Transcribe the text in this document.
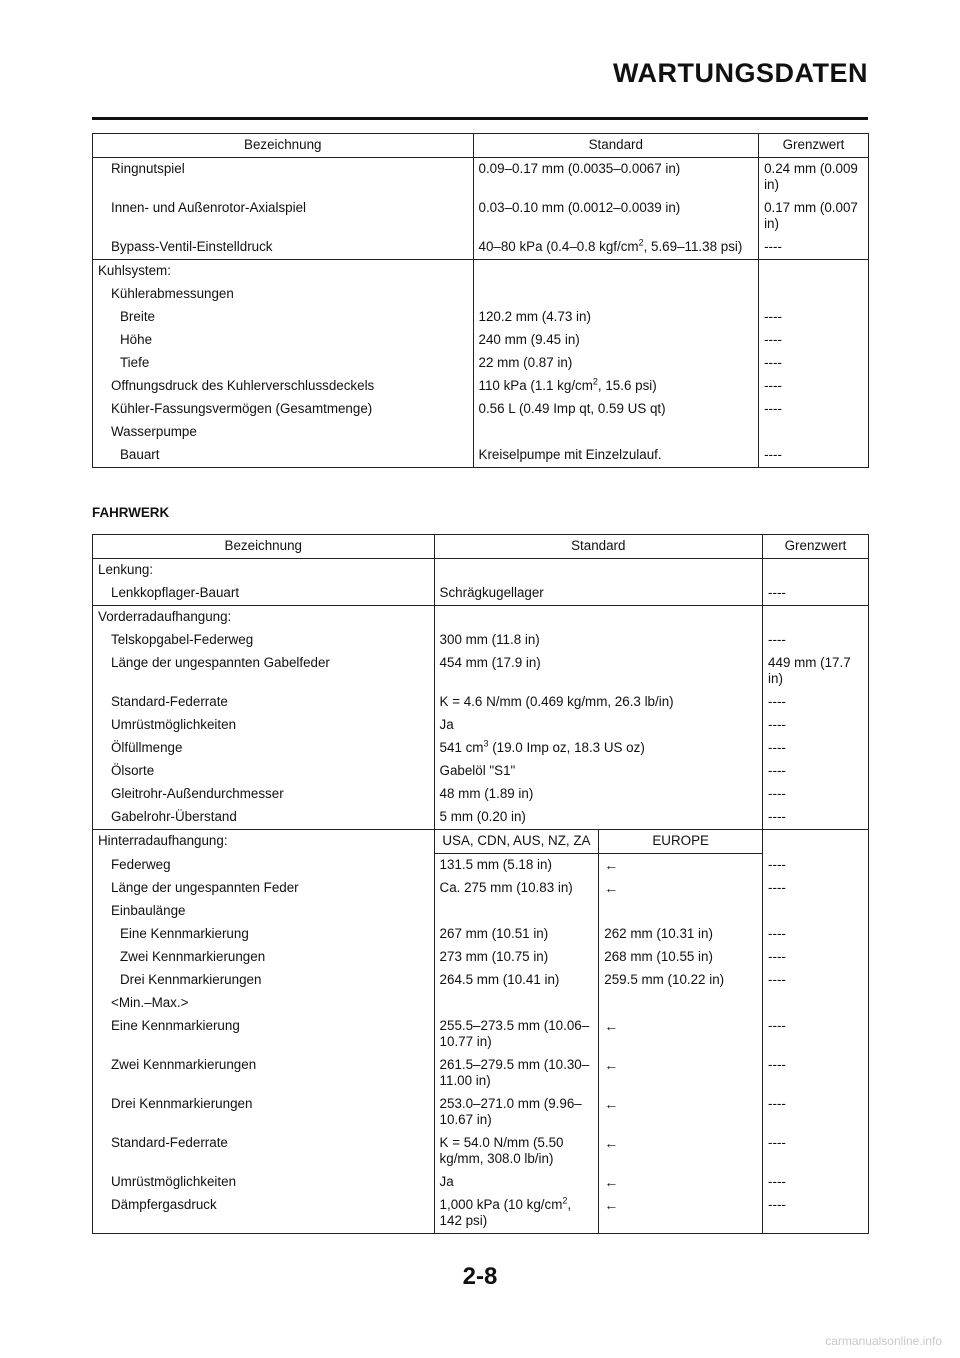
WARTUNGSDATEN
Bezeichnung	Standard	Grenzwert
Ringnutspiel	0.09–0.17 mm (0.0035–0.0067 in)	0.24 mm (0.009 in)
Innen- und Außenrotor-Axialspiel	0.03–0.10 mm (0.0012–0.0039 in)	0.17 mm (0.007 in)
Bypass-Ventil-Einstelldruck	40–80 kPa (0.4–0.8 kgf/$cm^2$, 5.69–11.38 psi)	----
Kuhlsystem:		
Kühlerabmessungen		
Breite	120.2 mm (4.73 in)	----
Höhe	240 mm (9.45 in)	----
Tiefe	22 mm (0.87 in)	----
Offnungsdruck des Kuhlerverschlussdeckels	110 kPa (1.1 $kg/cm^2$, 15.6 psi)	----
Kühler-Fassungsvermögen (Gesamtmenge)	0.56 L (0.49 Imp qt, 0.59 US qt)	----
Wasserpumpe		
Bauart	Kreiselpumpe mit Einzelzulauf.	----
FAHRWERK
Bezeichnung	Standard		Grenzwert
Lenkung:			
Lenkkopflager-Bauart	Schrägkugellager		----
Vorderradaufhangung:			
Telskopgabel-Federweg	300 mm (11.8 in)		----
Länge der ungespannten Gabelfeder	454 mm (17.9 in)		449 mm (17.7 in)
Standard-Federrate	K = 4.6 N/mm (0.469 kg/mm, 26.3 lb/in)		----
Umrüstmöglichkeiten	Ja		----
Ölfüllmenge	541 $cm^3$ (19.0 Imp oz, 18.3 US oz)		----
Ölsorte	Gabelöl "S1"		----
Gleitrohr-Außendurchmesser	48 mm (1.89 in)		----
Gabelrohr-Überstand	5 mm (0.20 in)		----
Hinterradaufhangung:	USA, CDN, AUS, NZ, ZA	EUROPE	
Federweg	131.5 mm (5.18 in)	←	----
Länge der ungespannten Feder	Ca. 275 mm (10.83 in)	←	----
Einbaulänge			
Eine Kennmarkierung	267 mm (10.51 in)	262 mm (10.31 in)	----
Zwei Kennmarkierungen	273 mm (10.75 in)	268 mm (10.55 in)	----
Drei Kennmarkierungen	264.5 mm (10.41 in)	259.5 mm (10.22 in)	----
<Min.–Max.>			
Eine Kennmarkierung	255.5–273.5 mm (10.06–10.77 in)	←	----
Zwei Kennmarkierungen	261.5–279.5 mm (10.30–11.00 in)	←	----
Drei Kennmarkierungen	253.0–271.0 mm (9.96–10.67 in)	←	----
Standard-Federrate	K = 54.0 N/mm (5.50 kg/mm, 308.0 lb/in)	←	----
Umrüstmöglichkeiten	Ja	←	----
Dämpfergasdruck	1,000 kPa (10 $kg/cm^2$, 142 psi)	←	----
2-8
carmanualsonline.info
